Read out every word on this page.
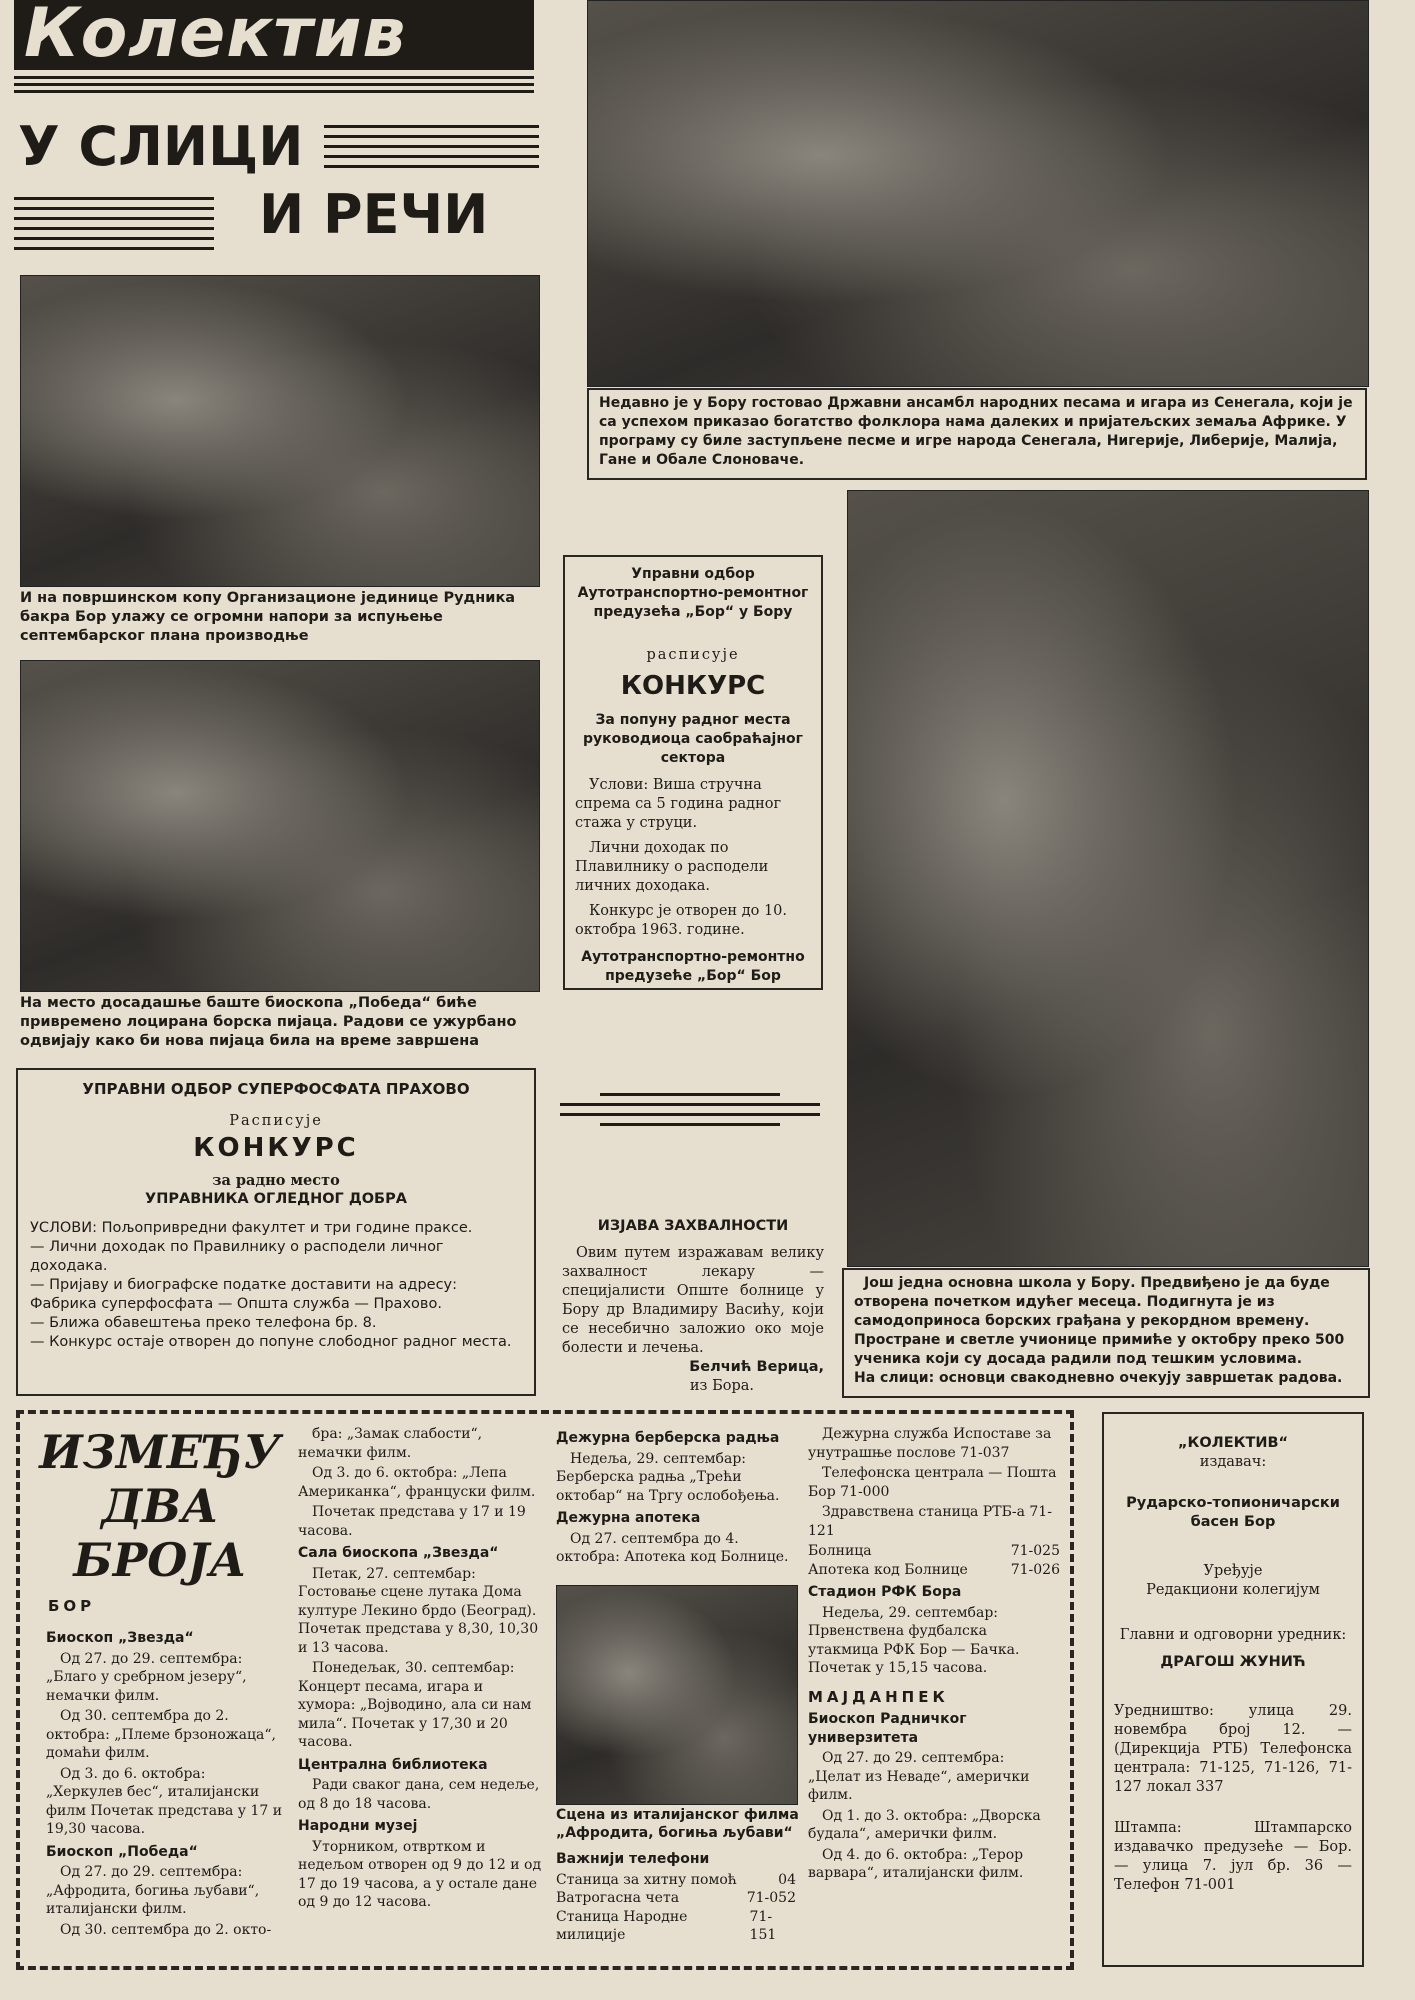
Колектив
У СЛИЦИ
И РЕЧИ
И на површинском копу Организационе јединице Рудника бакра Бор улажу се огромни напори за испуњење септембарског плана производње
На место досадашње баште биоскопа „Победа“ биће привремено лоцирана борска пијаца. Радови се ужурбано одвијају како би нова пијаца била на време завршена
Недавно је у Бору гостовао Државни ансамбл народних песама и игара из Сенегала, који је са успехом приказао богатство фолклора нама далеких и пријатељских земаља Африке. У програму су биле заступљене песме и игре народа Сенегала, Нигерије, Либерије, Малија, Гане и Обале Слоноваче.
Управни одбор Аутотранспортно-ремонтног предузећа „Бор“ у Бору
расписује
КОНКУРС
За попуну радног места руководиоца саобраћајног сектора
Услови: Виша стручна спрема са 5 година радног стажа у струци.
Лични доходак по Плавилнику о расподели личних доходака.
Конкурс је отворен до 10. октобра 1963. године.
Аутотранспортно-ремонтно предузеће „Бор“ Бор
Још једна основна школа у Бору. Предвиђено је да буде отворена почетком идућег месеца. Подигнута је из самодоприноса борских грађана у рекордном времену. Простране и светле учионице примиће у октобру преко 500 ученика који су досада радили под тешким условима.
На слици: основци свакодневно очекују завршетак радова.
УПРАВНИ ОДБОР СУПЕРФОСФАТА ПРАХОВО
Расписује
КОНКУРС
за радно место
УПРАВНИКА ОГЛЕДНОГ ДОБРА
УСЛОВИ: Пољопривредни факултет и три године праксе.
— Лични доходак по Правилнику о расподели личног доходака.
— Пријаву и биографске податке доставити на адресу: Фабрика суперфосфата — Општа служба — Прахово.
— Ближа обавештења преко телефона бр. 8.
— Конкурс остаје отворен до попуне слободног радног места.
ИЗЈАВА ЗАХВАЛНОСТИ
Овим путем изражавам велику захвалност лекару — специјалисти Опште болнице у Бору др Владимиру Васићу, који се несебично заложио око моје болести и лечења.
Белчић Верица,
из Бора.
ИЗМЕЂУ
ДВА
БРОЈА
БОР
Биоскоп „Звезда“

Од 27. до 29. септембра: „Благо у сребрном језеру“, немачки филм.

Од 30. септембра до 2. октобра: „Племе брзоножаца“, домаћи филм.

Од 3. до 6. октобра: „Херкулев бес“, италијански филм Почетак представа у 17 и 19,30 часова.

Биоскоп „Победа“

Од 27. до 29. септембра: „Афродита, богиња љубави“, италијански филм.

Од 30. септембра до 2. окто-

бра: „Замак слабости“, немачки филм.

Од 3. до 6. октобра: „Лепа Американка“, француски филм.

Почетак представа у 17 и 19 часова.

Сала биоскопа „Звезда“

Петак, 27. септембар: Гостовање сцене лутака Дома културе Лекино брдо (Београд). Почетак представа у 8,30, 10,30 и 13 часова.

Понедељак, 30. септембар: Концерт песама, игара и хумора: „Војводино, ала си нам мила“. Почетак у 17,30 и 20 часова.

Централна библиотека

Ради сваког дана, сем недеље, од 8 до 18 часова.

Народни музеј

Уторником, отвртком и недељом отворен од 9 до 12 и од 17 до 19 часова, а у остале дане од 9 до 12 часова.

Дежурна берберска радња

Недеља, 29. септембар: Берберска радња „Трећи октобар“ на Тргу ослобођења.

Дежурна апотека

Од 27. септембра до 4. октобра: Апотека код Болнице.

Сцена из италијанског филма „Афродита, богиња љубави“
Важнији телефони
Станица за хитну помоћ	04
Ватрогасна чета	71-052
Станица Народне милиције
71-151

Дежурна служба Испоставе за унутрашње послове 71-037

Телефонска централа — Пошта Бор 71-000

Здравствена станица РТБ-а 71-121

Болница	71-025
Апотека код Болнице	71-026
Стадион РФК Бора

Недеља, 29. септембар: Првенствена фудбалска утакмица РФК Бор — Бачка. Почетак у 15,15 часова.

МАЈДАНПЕК
Биоскоп Радничког универзитета

Од 27. до 29. септембра: „Целат из Неваде“, амерички филм.

Од 1. до 3. октобра: „Дворска будала“, амерички филм.

Од 4. до 6. октобра: „Терор варвара“, италијански филм.

„КОЛЕКТИВ“
издавач:
Рударско-топионичарски басен Бор
Уређује
Редакциони колегијум
Главни и одговорни уредник:
ДРАГОШ ЖУНИЋ
Уредништво: улица 29. новембра број 12. — (Дирекција РТБ) Телефонска централа: 71-125, 71-126, 71-127 локал 337
Штампа: Штампарско издавачко предузеће — Бор. — улица 7. јул бр. 36 — Телефон 71-001
